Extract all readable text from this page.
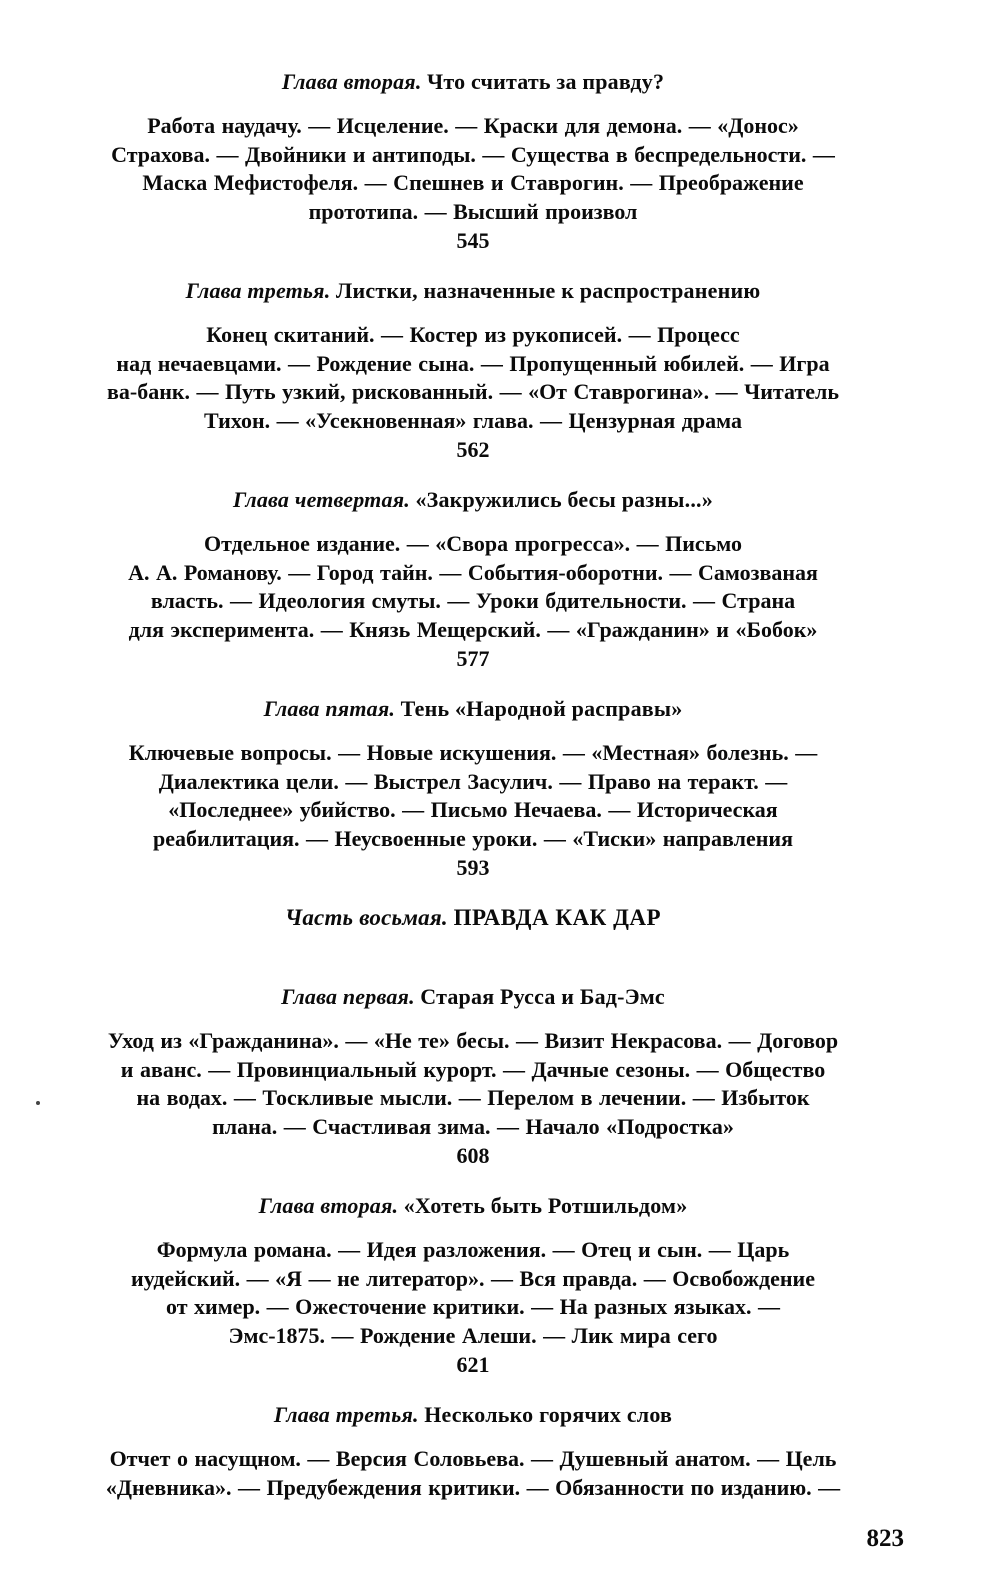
Глава вторая. Что считать за правду?

Работа наудачу. — Исцеление. — Краски для демона. — «Донос»
Страхова. — Двойники и антиподы. — Существа в беспредельности. —
Маска Мефистофеля. — Спешнев и Ставрогин. — Преображение
прототипа. — Высший произвол

545
Глава третья. Листки, назначенные к распространению

Конец скитаний. — Костер из рукописей. — Процесс
над нечаевцами. — Рождение сына. — Пропущенный юбилей. — Игра
ва-банк. — Путь узкий, рискованный. — «От Ставрогина». — Читатель
Тихон. — «Усекновенная» глава. — Цензурная драма

562
Глава четвертая. «Закружились бесы разны...»

Отдельное издание. — «Свора прогресса». — Письмо
А. А. Романову. — Город тайн. — События-оборотни. — Самозваная
власть. — Идеология смуты. — Уроки бдительности. — Страна
для эксперимента. — Князь Мещерский. — «Гражданин» и «Бобок»

577
Глава пятая. Тень «Народной расправы»

Ключевые вопросы. — Новые искушения. — «Местная» болезнь. —
Диалектика цели. — Выстрел Засулич. — Право на теракт. —
«Последнее» убийство. — Письмо Нечаева. — Историческая
реабилитация. — Неусвоенные уроки. — «Тиски» направления

593
Часть восьмая. ПРАВДА КАК ДАР
Глава первая. Старая Русса и Бад-Эмс

Уход из «Гражданина». — «Не те» бесы. — Визит Некрасова. — Договор
и аванс. — Провинциальный курорт. — Дачные сезоны. — Общество
на водах. — Тоскливые мысли. — Перелом в лечении. — Избыток
плана. — Счастливая зима. — Начало «Подростка»

608
Глава вторая. «Хотеть быть Ротшильдом»

Формула романа. — Идея разложения. — Отец и сын. — Царь
иудейский. — «Я — не литератор». — Вся правда. — Освобождение
от химер. — Ожесточение критики. — На разных языках. —
Эмс-1875. — Рождение Алеши. — Лик мира сего

621
Глава третья. Несколько горячих слов

Отчет о насущном. — Версия Соловьева. — Душевный анатом. — Цель
«Дневника». — Предубеждения критики. — Обязанности по изданию. —

823
